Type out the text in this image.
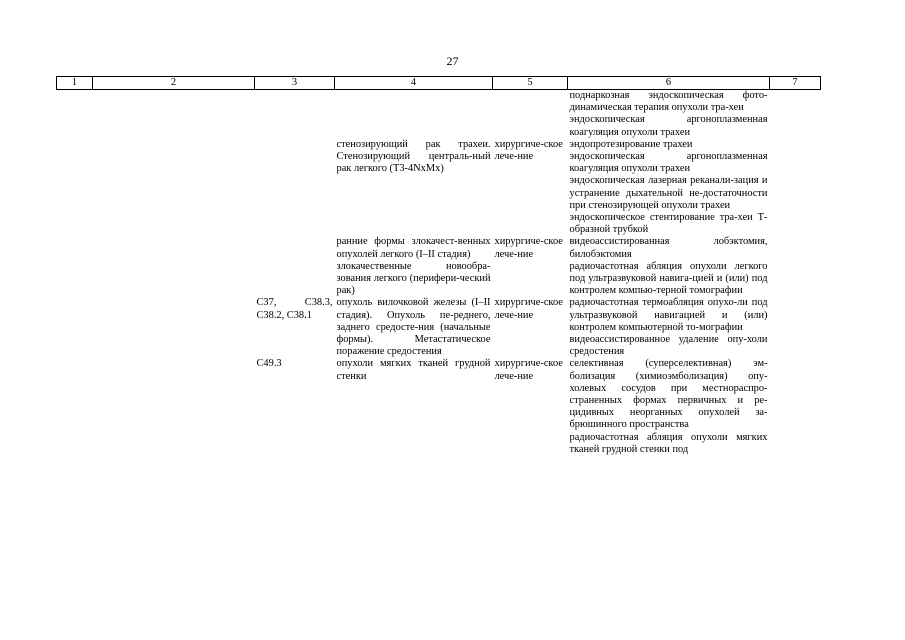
27
1	2	3	4	5	6	7

					поднаркозная эндоскопическая фото-динамическая терапия опухоли тра-хеи
эндоскопическая аргоноплазменная коагуляция опухоли трахеи	

			стенозирующий рак трахеи. Стенозирующий централь-ный рак легкого (T3-4NxMx)	хирургиче-ское лече-ние	эндопротезирование трахеи
эндоскопическая аргоноплазменная коагуляция опухоли трахеи
эндоскопическая лазерная реканали-зация и устранение дыхательной не-достаточности при стенозирующей опухоли трахеи
эндоскопическое стентирование тра-хеи Т-образной трубкой	

			ранние формы злокачест-венных опухолей легкого (I–II стадия)	хирургиче-ское лече-ние	видеоассистированная лобэктомия, билобэктомия	

			злокачественные новообра-зования легкого (перифери-ческий рак)		радиочастотная абляция опухоли легкого под ультразвуковой навига-цией и (или) под контролем компью-терной томографии	

		C37, C38.3, C38.2, C38.1	опухоль вилочковой железы (I–II стадия). Опухоль пе-реднего, заднего средосте-ния (начальные формы). Метастатическое поражение средостения	хирургиче-ское лече-ние	радиочастотная термоабляция опухо-ли под ультразвуковой навигацией и (или) контролем компьютерной то-мографии
видеоассистированное удаление опу-холи средостения	

		C49.3	опухоли мягких тканей грудной стенки	хирургиче-ское лече-ние	селективная (суперселективная) эм-болизация (химиоэмболизация) опу-холевых сосудов при местнораспро-страненных формах первичных и ре-цидивных неорганных опухолей за-брюшинного пространства
радиочастотная абляция опухоли мягких тканей грудной стенки под	
